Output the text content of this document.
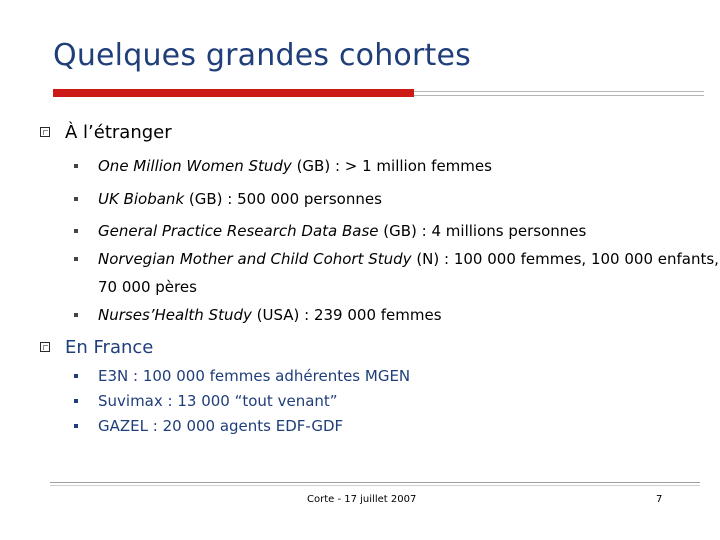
Quelques grandes cohortes
À l’étranger
One Million Women Study (GB) : > 1 million femmes
UK Biobank (GB) : 500 000 personnes
General Practice Research Data Base (GB) : 4 millions personnes
Norvegian Mother and Child Cohort Study (N) : 100 000 femmes, 100 000 enfants,
70 000 pères
Nurses’Health Study (USA) : 239 000 femmes
En France
E3N : 100 000 femmes adhérentes MGEN
Suvimax : 13 000 “tout venant”
GAZEL : 20 000 agents EDF-GDF
Corte - 17 juillet 2007	7
